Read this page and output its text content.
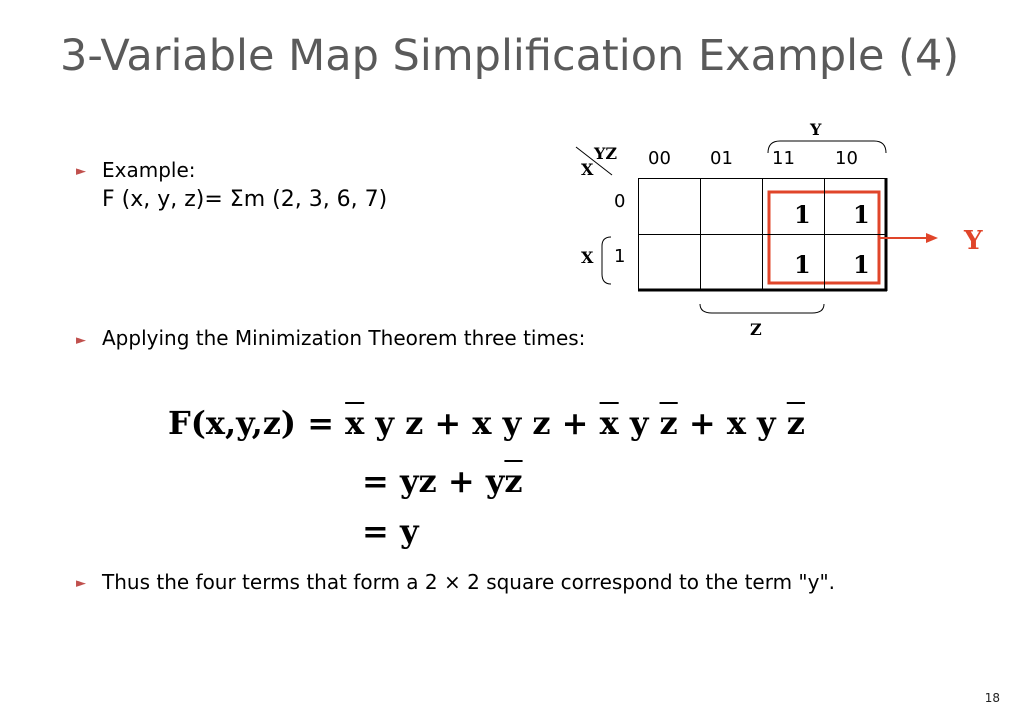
3-Variable Map Simplification Example (4)
► Example:
F (x, y, z)= Σm (2, 3, 6, 7)
► Applying the Minimization Theorem three times:
► Thus the four terms that form a 2 × 2 square correspond to the term "y".
YZ
X
00 01 11 10
Y
X
Z
0
1
1 1
1 1
Y
$F(x,y,z) = \overline{x}$ y z + x y $z + \overline{x}$ y $\overline{z} + x$ y $\overline{z}$
= yz + $y\overline{z}$
= y
18
